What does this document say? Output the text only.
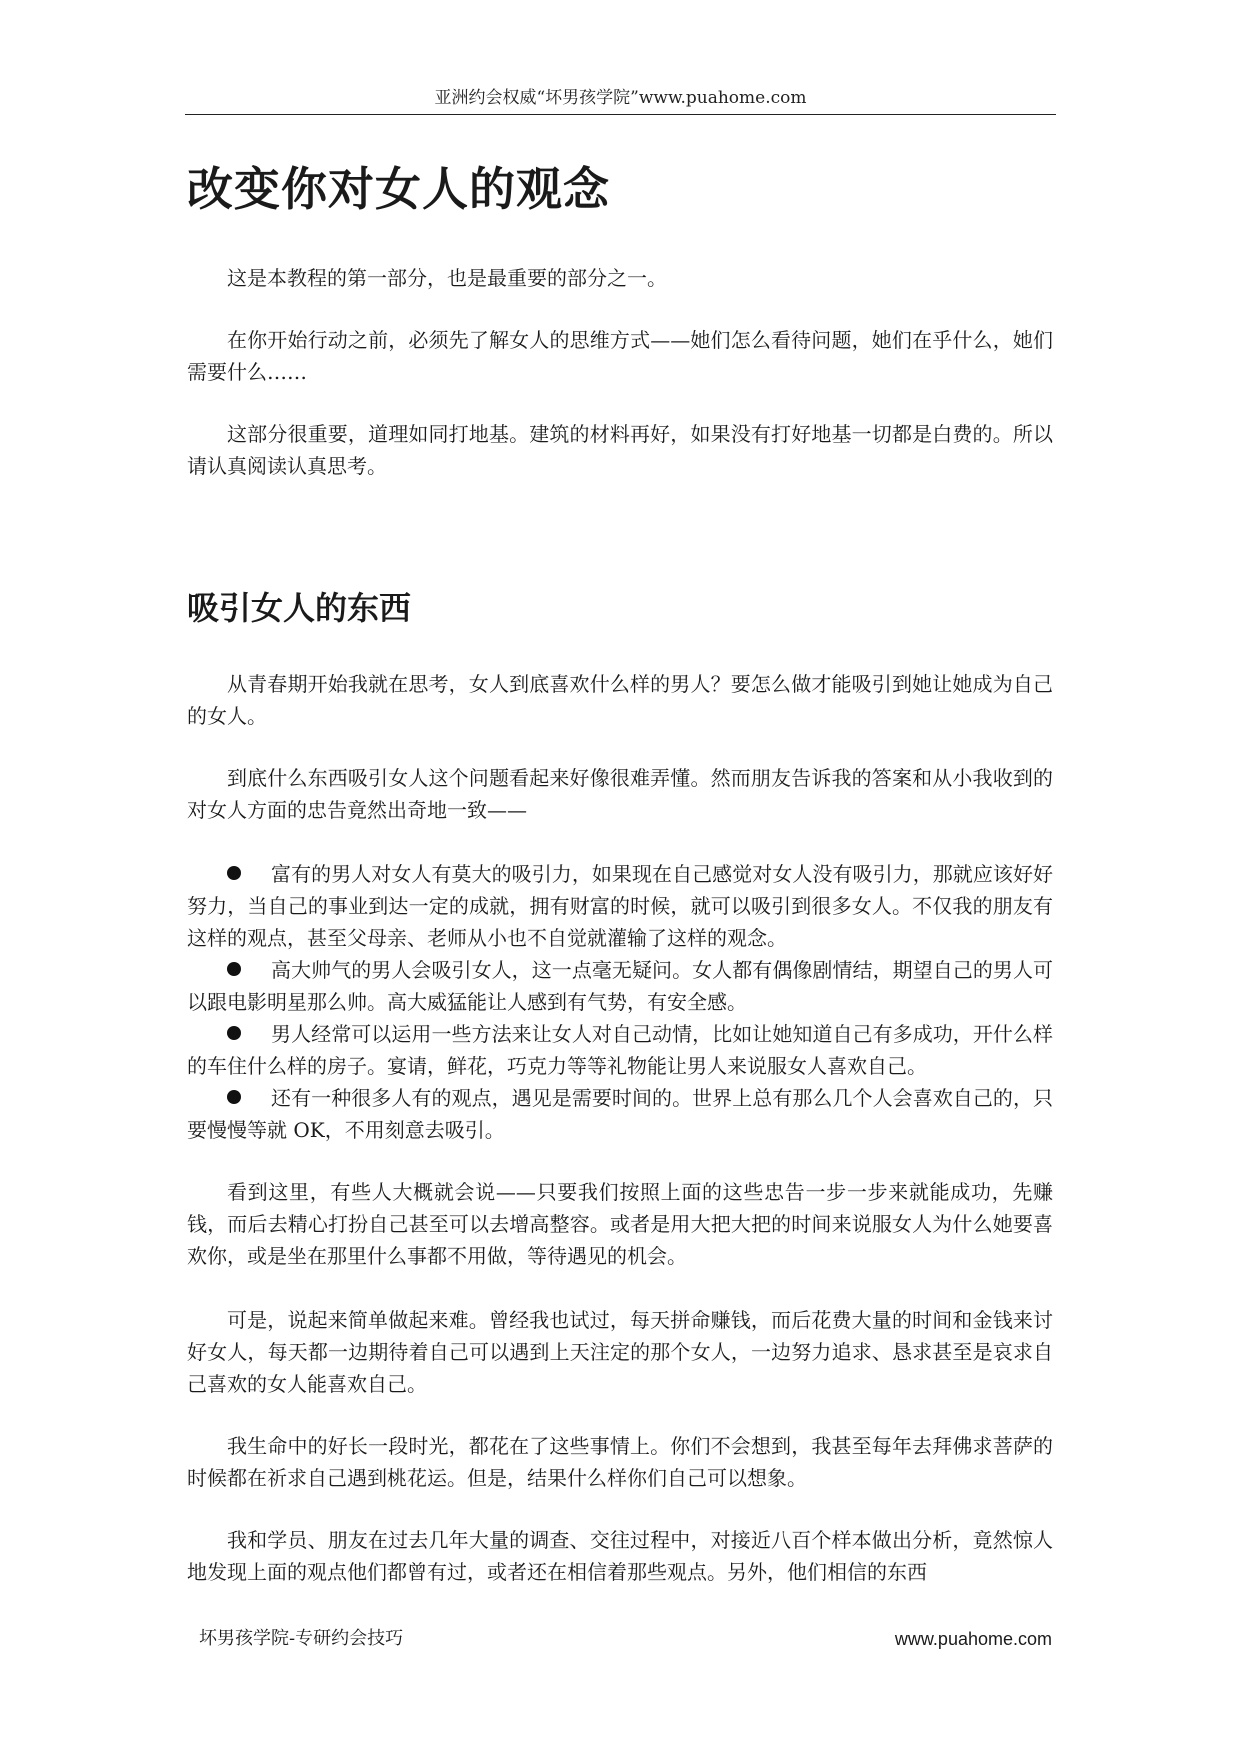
亚洲约会权威“坏男孩学院”www.puahome.com
改变你对女人的观念

这是本教程的第一部分，也是最重要的部分之一。

在你开始行动之前，必须先了解女人的思维方式——她们怎么看待问题，她们在乎什么，她们需要什么……

这部分很重要，道理如同打地基。建筑的材料再好，如果没有打好地基一切都是白费的。所以请认真阅读认真思考。

吸引女人的东西

从青春期开始我就在思考，女人到底喜欢什么样的男人？要怎么做才能吸引到她让她成为自己的女人。

到底什么东西吸引女人这个问题看起来好像很难弄懂。然而朋友告诉我的答案和从小我收到的对女人方面的忠告竟然出奇地一致——

富有的男人对女人有莫大的吸引力，如果现在自己感觉对女人没有吸引力，那就应该好好努力，当自己的事业到达一定的成就，拥有财富的时候，就可以吸引到很多女人。不仅我的朋友有这样的观点，甚至父母亲、老师从小也不自觉就灌输了这样的观念。

高大帅气的男人会吸引女人，这一点毫无疑问。女人都有偶像剧情结，期望自己的男人可以跟电影明星那么帅。高大威猛能让人感到有气势，有安全感。

男人经常可以运用一些方法来让女人对自己动情，比如让她知道自己有多成功，开什么样的车住什么样的房子。宴请，鲜花，巧克力等等礼物能让男人来说服女人喜欢自己。

还有一种很多人有的观点，遇见是需要时间的。世界上总有那么几个人会喜欢自己的，只要慢慢等就 OK，不用刻意去吸引。

看到这里，有些人大概就会说——只要我们按照上面的这些忠告一步一步来就能成功，先赚钱，而后去精心打扮自己甚至可以去增高整容。或者是用大把大把的时间来说服女人为什么她要喜欢你，或是坐在那里什么事都不用做，等待遇见的机会。

可是，说起来简单做起来难。曾经我也试过，每天拼命赚钱，而后花费大量的时间和金钱来讨好女人，每天都一边期待着自己可以遇到上天注定的那个女人，一边努力追求、恳求甚至是哀求自己喜欢的女人能喜欢自己。

我生命中的好长一段时光，都花在了这些事情上。你们不会想到，我甚至每年去拜佛求菩萨的时候都在祈求自己遇到桃花运。但是，结果什么样你们自己可以想象。

我和学员、朋友在过去几年大量的调查、交往过程中，对接近八百个样本做出分析，竟然惊人地发现上面的观点他们都曾有过，或者还在相信着那些观点。另外，他们相信的东西

坏男孩学院-专研约会技巧	www.puahome.com
